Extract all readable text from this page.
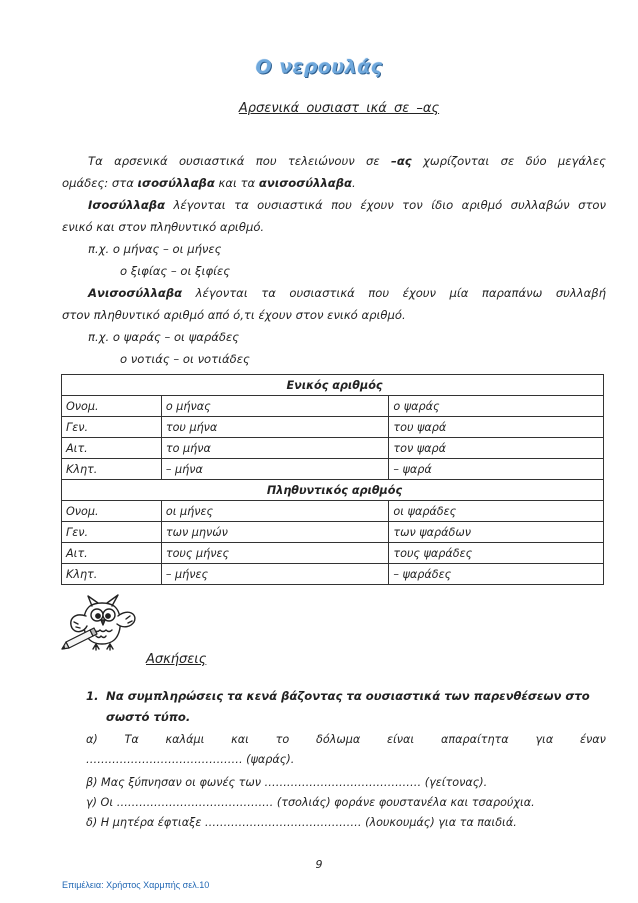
Ο νερουλάς
Αρσενικά ουσιαστ ικά σε –ας
Τα αρσενικά ουσιαστικά που τελειώνουν σε –ας χωρίζονται σε δύο μεγάλες
ομάδες: στα ισοσύλλαβα και τα ανισοσύλλαβα.
Ισοσύλλαβα λέγονται τα ουσιαστικά που έχουν τον ίδιο αριθμό συλλαβών στον
ενικό και στον πληθυντικό αριθμό.
π.χ. ο μήνας – οι μήνες
ο ξιφίας – οι ξιφίες
Ανισοσύλλαβα λέγονται τα ουσιαστικά που έχουν μία παραπάνω συλλαβή
στον πληθυντικό αριθμό από ό,τι έχουν στον ενικό αριθμό.
π.χ. ο ψαράς – οι ψαράδες
ο νοτιάς – οι νοτιάδες
Ενικός αριθμός		
Ονομ.	ο μήνας	ο ψαράς
Γεν.	του μήνα	του ψαρά
Αιτ.	το μήνα	τον ψαρά
Κλητ.	– μήνα	– ψαρά
Πληθυντικός αριθμός		
Ονομ.	οι μήνες	οι ψαράδες
Γεν.	των μηνών	των ψαράδων
Αιτ.	τους μήνες	τους ψαράδες
Κλητ.	– μήνες	– ψαράδες
Ασκήσεις
1. Να συμπληρώσεις τα κενά βάζοντας τα ουσιαστικά των παρενθέσεων στο
σωστό τύπο.
α) Τα καλάμι και το δόλωμα είναι απαραίτητα για έναν
…………………………………… (ψαράς).
β) Μας ξύπνησαν οι φωνές των …………………………………… (γείτονας).
γ) Οι …………………………………… (τσολιάς) φοράνε φουστανέλα και τσαρούχια.
δ) Η μητέρα έφτιαξε …………………………………… (λουκουμάς) για τα παιδιά.
9
Επιμέλεια: Χρήστος Χαρμπής σελ.10
